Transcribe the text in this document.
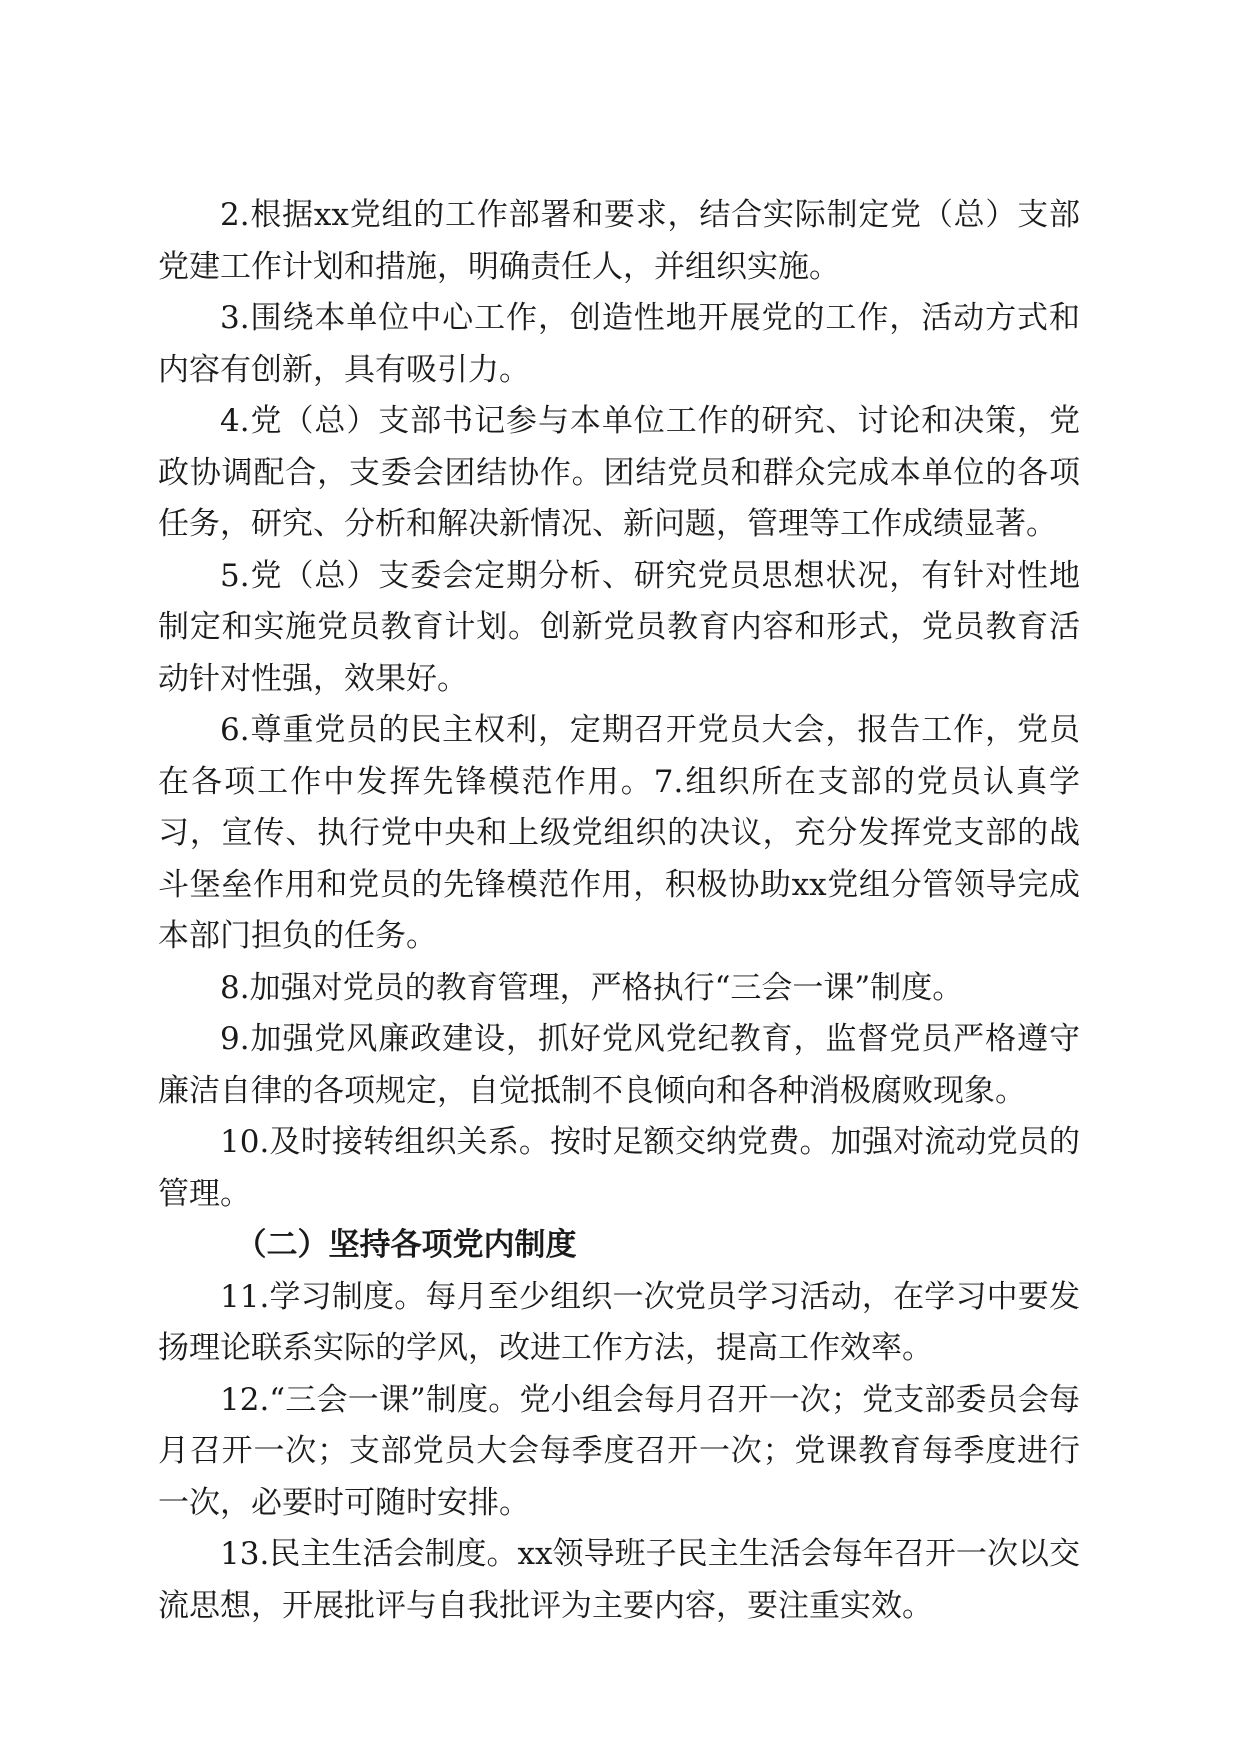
2.根据xx党组的工作部署和要求，结合实际制定党（总）支部党建工作计划和措施，明确责任人，并组织实施。

3.围绕本单位中心工作，创造性地开展党的工作，活动方式和内容有创新，具有吸引力。

4.党（总）支部书记参与本单位工作的研究、讨论和决策，党政协调配合，支委会团结协作。团结党员和群众完成本单位的各项任务，研究、分析和解决新情况、新问题，管理等工作成绩显著。

5.党（总）支委会定期分析、研究党员思想状况，有针对性地制定和实施党员教育计划。创新党员教育内容和形式，党员教育活动针对性强，效果好。

6.尊重党员的民主权利，定期召开党员大会，报告工作，党员在各项工作中发挥先锋模范作用。7.组织所在支部的党员认真学习，宣传、执行党中央和上级党组织的决议，充分发挥党支部的战斗堡垒作用和党员的先锋模范作用，积极协助xx党组分管领导完成本部门担负的任务。

8.加强对党员的教育管理，严格执行“三会一课”制度。

9.加强党风廉政建设，抓好党风党纪教育，监督党员严格遵守廉洁自律的各项规定，自觉抵制不良倾向和各种消极腐败现象。

10.及时接转组织关系。按时足额交纳党费。加强对流动党员的管理。

（二）坚持各项党内制度

11.学习制度。每月至少组织一次党员学习活动，在学习中要发扬理论联系实际的学风，改进工作方法，提高工作效率。

12.“三会一课”制度。党小组会每月召开一次；党支部委员会每月召开一次；支部党员大会每季度召开一次；党课教育每季度进行一次，必要时可随时安排。

13.民主生活会制度。xx领导班子民主生活会每年召开一次以交流思想，开展批评与自我批评为主要内容，要注重实效。
